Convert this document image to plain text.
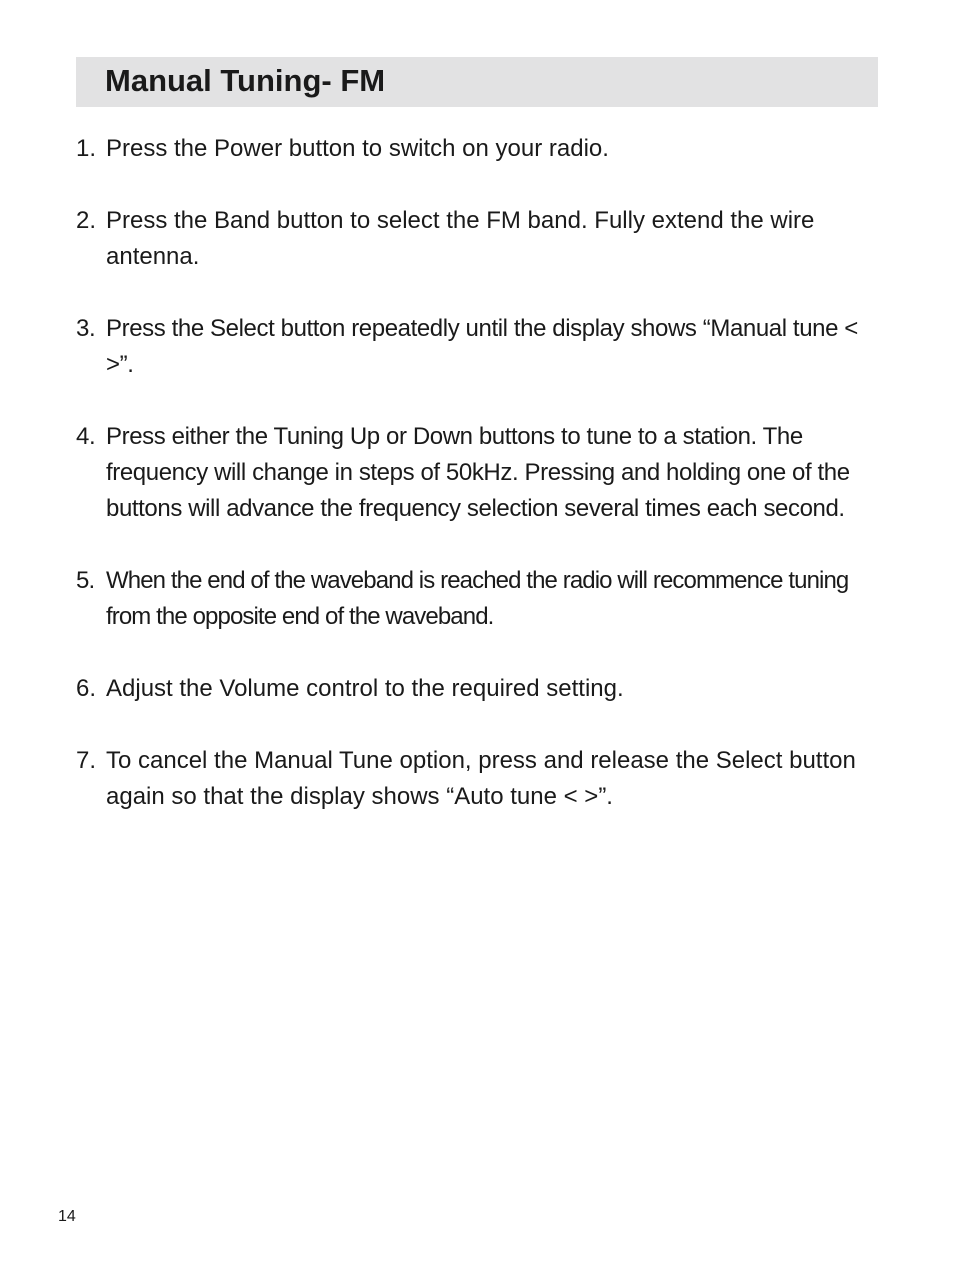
Manual Tuning- FM
1. Press the Power button to switch on your radio.
2. Press the Band button to select the FM band. Fully extend the wire antenna.
3. Press the Select button repeatedly until the display shows “Manual tune < >”.
4. Press either the Tuning Up or Down buttons to tune to a station. The frequency will change in steps of 50kHz. Pressing and holding one of the buttons will advance the frequency selection several times each second.
5. When the end of the waveband is reached the radio will recommence tuning from the opposite end of the waveband.
6. Adjust the Volume control to the required setting.
7. To cancel the Manual Tune option, press and release the Select button again so that the display shows “Auto tune < >”.
14
